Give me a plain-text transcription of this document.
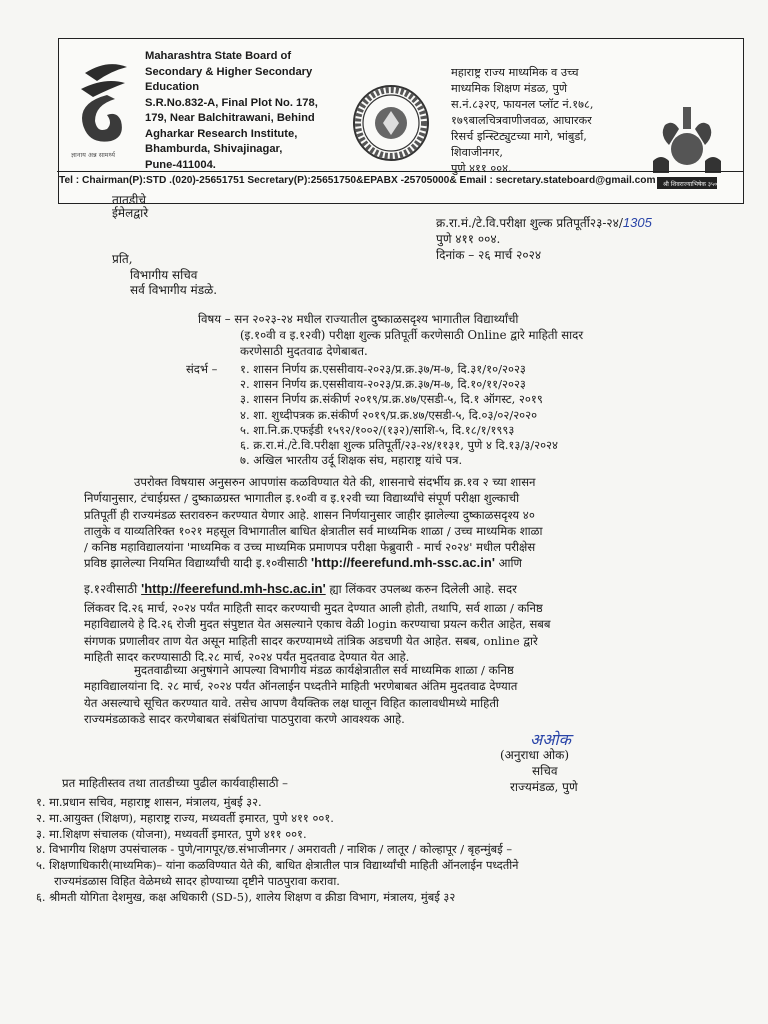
ज्ञानाय अन्न सामर्थ्य
Maharashtra State Board of
Secondary & Higher Secondary
Education
S.R.No.832-A, Final Plot No. 178,
179, Near Balchitrawani, Behind
Agharkar Research Institute,
Bhamburda, Shivajinagar,
Pune-411004.
महाराष्ट्र राज्य माध्यमिक व उच्च
माध्यमिक शिक्षण मंडळ, पुणे
स.नं.८३२ए, फायनल प्लॉट नं.१७८,
१७९बालचित्रवाणीजवळ, आघारकर
रिसर्च इन्स्टिट्युटच्या मागे, भांबुर्डा,
शिवाजीनगर,
पुणे ४११ ००४.
श्री शिवराज्याभिषेक ३५०
Tel : Chairman(P):STD .(020)-25651751 Secretary(P):25651750&EPABX -25705000& Email : secretary.stateboard@gmail.com
तातडीचे
ईमेलद्वारे
क्र.रा.मं./टे.वि.परीक्षा शुल्क प्रतिपूर्ती२३-२४/1305
पुणे ४११ ००४.
दिनांक – २६ मार्च २०२४
प्रति,
विभागीय सचिव
सर्व विभागीय मंडळे.
विषय – सन २०२३-२४ मधील राज्यातील दुष्काळसदृश्य भागातील विद्यार्थ्यांची
(इ.१०वी व इ.१२वी) परीक्षा शुल्क प्रतिपूर्ती करणेसाठी Online द्वारे माहिती सादर
करणेसाठी मुदतवाढ देणेबाबत.
संदर्भ – १. शासन निर्णय क्र.एससीवाय-२०२३/प्र.क्र.३७/म-७, दि.३१/१०/२०२३
२. शासन निर्णय क्र.एससीवाय-२०२३/प्र.क्र.३७/म-७, दि.१०/११/२०२३
३. शासन निर्णय क्र.संकीर्ण २०१९/प्र.क्र.४७/एसडी-५, दि.१ ऑगस्ट, २०१९
४. शा. शुध्दीपत्रक क्र.संकीर्ण २०१९/प्र.क्र.४७/एसडी-५, दि.०३/०२/२०२०
५. शा.नि.क्र.एफईडी १५९२/१००२/(१३२)/साशि-५, दि.१८/१/१९९३
६. क्र.रा.मं./टे.वि.परीक्षा शुल्क प्रतिपूर्ती/२३-२४/११३१, पुणे ४ दि.१३/३/२०२४
७. अखिल भारतीय उर्दू शिक्षक संघ, महाराष्ट्र यांचे पत्र.
उपरोक्त विषयास अनुसरुन आपणांस कळविण्यात येते की, शासनाचे संदर्भीय क्र.१व २ च्या शासन
निर्णयानुसार, टंचाईग्रस्त / दुष्काळग्रस्त भागातील इ.१०वी व इ.१२वी च्या विद्यार्थ्यांचे संपूर्ण परीक्षा शुल्काची
प्रतिपूर्ती ही राज्यमंडळ स्तरावरुन करण्यात येणार आहे. शासन निर्णयानुसार जाहीर झालेल्या दुष्काळसदृश्य ४०
तालुके व याव्यतिरिक्त १०२१ महसूल विभागातील बाधित क्षेत्रातील सर्व माध्यमिक शाळा / उच्च माध्यमिक शाळा
/ कनिष्ठ महाविद्यालयांना 'माध्यमिक व उच्च माध्यमिक प्रमाणपत्र परीक्षा फेब्रुवारी - मार्च २०२४' मधील परीक्षेस
प्रविष्ठ झालेल्या नियमित विद्यार्थ्यांची यादी इ.१०वीसाठी 'http://feerefund.mh-ssc.ac.in' आणि
इ.१२वीसाठी 'http://feerefund.mh-hsc.ac.in' ह्या लिंकवर उपलब्ध करुन दिलेली आहे. सदर
लिंकवर दि.२६ मार्च, २०२४ पर्यंत माहिती सादर करण्याची मुदत देण्यात आली होती, तथापि, सर्व शाळा / कनिष्ठ
महाविद्यालये हे दि.२६ रोजी मुदत संपुष्टात येत असल्याने एकाच वेळी login करण्याचा प्रयत्न करीत आहेत, सबब
संगणक प्रणालीवर ताण येत असून माहिती सादर करण्यामध्ये तांत्रिक अडचणी येत आहेत. सबब, online द्वारे
माहिती सादर करण्यासाठी दि.२८ मार्च, २०२४ पर्यंत मुदतवाढ देण्यात येत आहे.
मुदतवाढीच्या अनुषंगाने आपल्या विभागीय मंडळ कार्यक्षेत्रातील सर्व माध्यमिक शाळा / कनिष्ठ
महाविद्यालयांना दि. २८ मार्च, २०२४ पर्यंत ऑनलाईन पध्दतीने माहिती भरणेबाबत अंतिम मुदतवाढ देण्यात
येत असल्याचे सूचित करण्यात यावे. तसेच आपण वैयक्तिक लक्ष घालून विहित कालावधीमध्ये माहिती
राज्यमंडळाकडे सादर करणेबाबत संबंधितांचा पाठपुरावा करणे आवश्यक आहे.
अओक
(अनुराधा ओक)
सचिव
राज्यमंडळ, पुणे
प्रत माहितीस्तव तथा तातडीच्या पुढील कार्यवाहीसाठी –
१. मा.प्रधान सचिव, महाराष्ट्र शासन, मंत्रालय, मुंबई ३२.
२. मा.आयुक्त (शिक्षण), महाराष्ट्र राज्य, मध्यवर्ती इमारत, पुणे ४११ ००१.
३. मा.शिक्षण संचालक (योजना), मध्यवर्ती इमारत, पुणे ४११ ००१.
४. विभागीय शिक्षण उपसंचालक - पुणे/नागपूर/छ.संभाजीनगर / अमरावती / नाशिक / लातूर / कोल्हापूर / बृहन्मुंबई –
५. शिक्षणाधिकारी(माध्यमिक)– यांना कळविण्यात येते की, बाधित क्षेत्रातील पात्र विद्यार्थ्यांची माहिती ऑनलाईन पध्दतीने
राज्यमंडळास विहित वेळेमध्ये सादर होण्याच्या दृष्टीने पाठपुरावा करावा.
६. श्रीमती योगिता देशमुख, कक्ष अधिकारी (SD-5), शालेय शिक्षण व क्रीडा विभाग, मंत्रालय, मुंबई ३२
